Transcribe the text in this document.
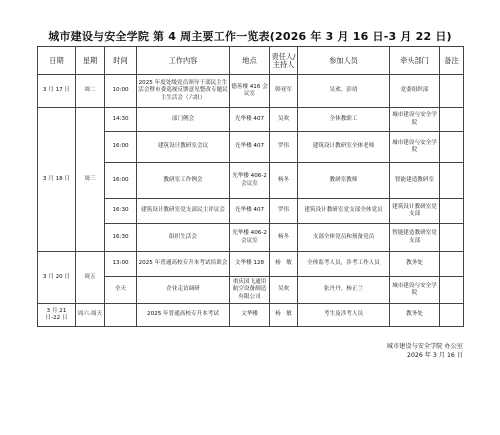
城市建设与安全学院 第 4 周主要工作一览表(2026 年 3 月 16 日-3 月 22 日)
日期	星期	时间	工作内容	地点	责任人/主持人	参加人员	牵头部门	备注
3 月 17 日	周二	10:00	2025 年度处级党员领导干部民主生活会暨市委巡视反馈意见整改专题民主生活会（六组）	德善楼 416 会议室	韩亚军	吴欢、彭靖	党委组织部	
3 月 18 日	周三	14:30	部门例会	光华楼 407	吴欢	全体教职工	城市建设与安全学院	
		16:00	建筑设计教研室会议	光华楼 407	罗伟	建筑设计教研室全体老师	城市建设与安全学院	
		16:00	教研室工作例会	光华楼 406-2 会议室	杨冬	教研室教师	智能建造教研室	
		16:30	建筑设计教研室党支部民主评议会	光华楼 407	罗伟	建筑设计教研室党支部全体党员	建筑设计教研室党支部	
		16:30	组织生活会	光华楼 406-2 会议室	杨冬	支部全体党员和预备党员	智能建造教研室党支部	
3 月 20 日	周五	13:00	2025 年普通高校专升本考试培训会	文华楼 128	杨　敏	全体监考人员，涉考工作人员	教务处	
		全天	企业走访调研	重庆国飞通用航空设备制造有限公司	吴欢	张丹丹、杨正兰	城市建设与安全学院	
3 月 21 日-22 日	周六-周天		2025 年普通高校专升本考试	文华楼	杨　敏	考生及涉考人员	教务处	
城市建设与安全学院 办公室
2026 年 3 月 16 日
